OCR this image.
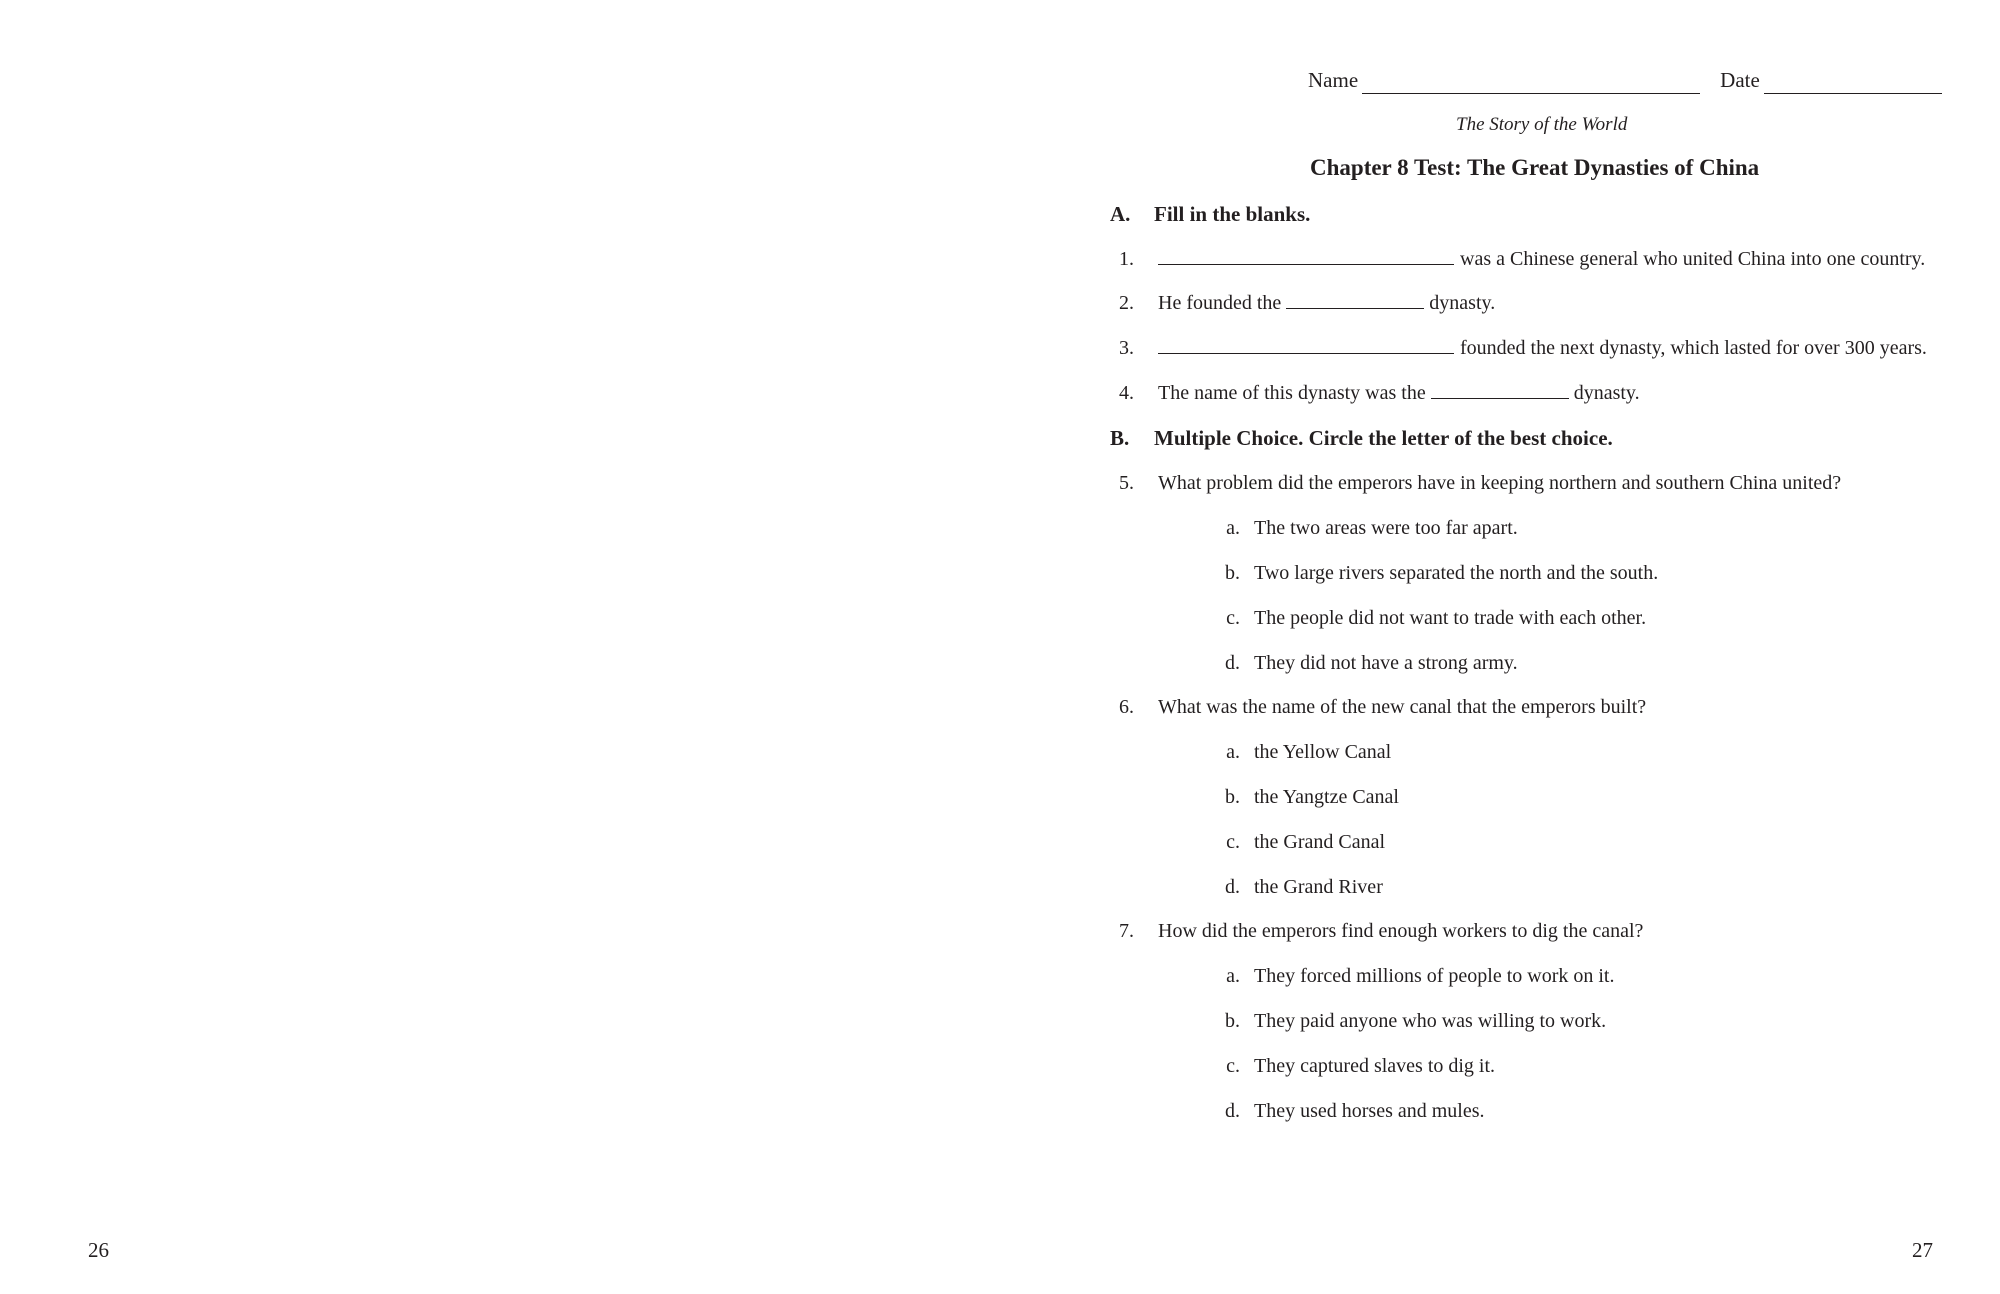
26
Name	Date
The Story of the World
Chapter 8 Test: The Great Dynasties of China
A. Fill in the blanks.
1.	was a Chinese general who united China into one country.
2. He founded the	dynasty.
3.	founded the next dynasty, which lasted for over 300 years.
4. The name of this dynasty was the	dynasty.
B. Multiple Choice. Circle the letter of the best choice.
5. What problem did the emperors have in keeping northern and southern China united?
a. The two areas were too far apart.
b. Two large rivers separated the north and the south.
c. The people did not want to trade with each other.
d. They did not have a strong army.
6. What was the name of the new canal that the emperors built?
a. the Yellow Canal
b. the Yangtze Canal
c. the Grand Canal
d. the Grand River
7. How did the emperors find enough workers to dig the canal?
a. They forced millions of people to work on it.
b. They paid anyone who was willing to work.
c. They captured slaves to dig it.
d. They used horses and mules.
27
